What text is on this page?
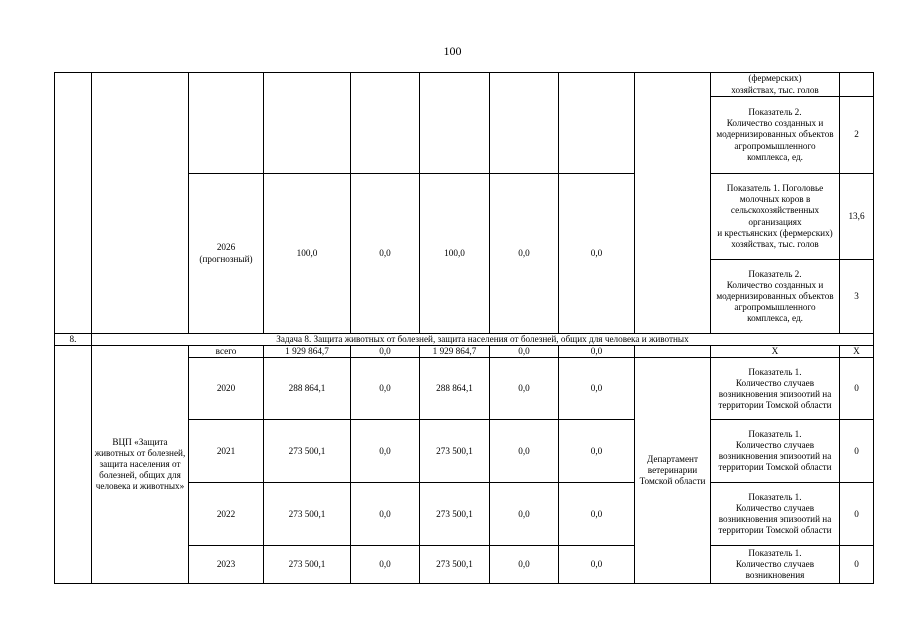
100
									(фермерских)
хозяйствах, тыс. голов	
									Показатель 2.
Количество созданных и модернизированных объектов агропромышленного комплекса, ед.	2
		2026
(прогнозный)	100,0	0,0	100,0	0,0	0,0		Показатель 1. Поголовье молочных коров в сельскохозяйственных организациях
и крестьянских (фермерских) хозяйствах, тыс. голов	13,6
									Показатель 2.
Количество созданных и модернизированных объектов агропромышленного комплекса, ед.	3
8.	Задача 8. Защита животных от болезней, защита населения от болезней, общих для человека и животных									
	ВЦП «Защита животных от болезней, защита населения от болезней, общих для человека и животных»	всего	1 929 864,7	0,0	1 929 864,7	0,0	0,0		X	X
		2020	288 864,1	0,0	288 864,1	0,0	0,0	Департамент ветеринарии Томской области	Показатель 1.
Количество случаев возникновения эпизоотий на территории Томской области	0
		2021	273 500,1	0,0	273 500,1	0,0	0,0		Показатель 1.
Количество случаев возникновения эпизоотий на территории Томской области	0
		2022	273 500,1	0,0	273 500,1	0,0	0,0		Показатель 1.
Количество случаев возникновения эпизоотий на территории Томской области	0
		2023	273 500,1	0,0	273 500,1	0,0	0,0		Показатель 1.
Количество случаев возникновения	0
